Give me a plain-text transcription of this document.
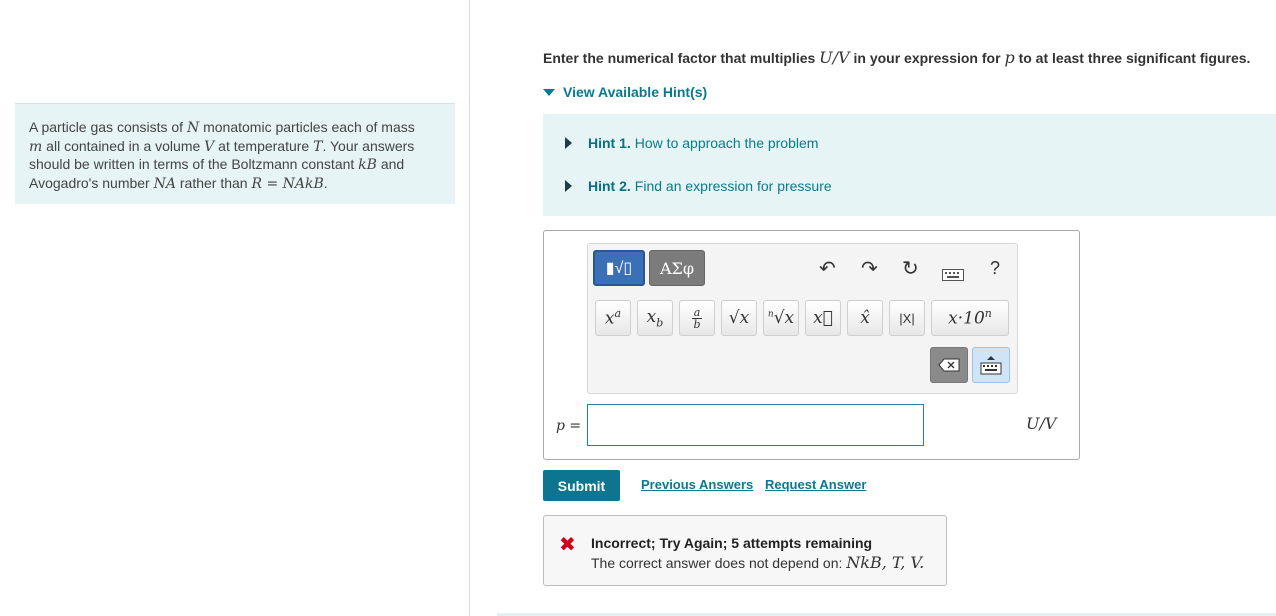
A particle gas consists of N monatomic particles each of mass
m all contained in a volume V at temperature T. Your answers
should be written in terms of the Boltzmann constant kB and
Avogadro's number NA rather than R = NAkB.
Enter the numerical factor that multiplies U/V in your expression for p to at least three significant figures.
View Available Hint(s)
Hint 1. How to approach the problem
Hint 2. Find an expression for pressure
▮√▯ ΑΣφ	↶ ↷ ↻	?
$x^a$ $x_b$
a
b √x $^n$√x x⃗ x̂ |X| $x\cdot 10^n$
p =	U/V
Submit	Previous Answers Request Answer
✖ Incorrect; Try Again; 5 attempts remaining
The correct answer does not depend on: NkB, T, V.
